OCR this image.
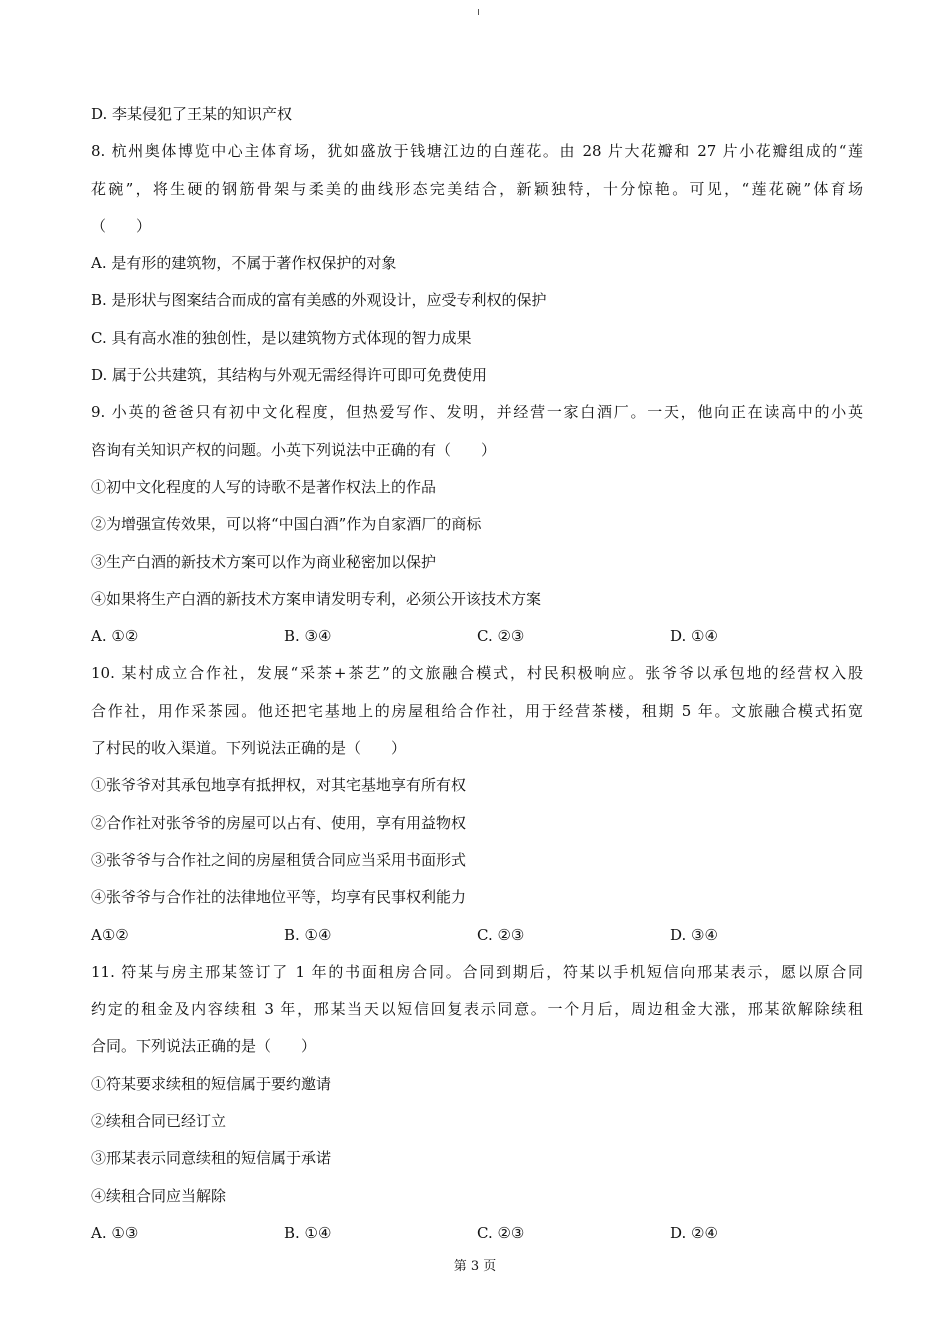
D. 李某侵犯了王某的知识产权
8. 杭州奥体博览中心主体育场，犹如盛放于钱塘江边的白莲花。由 28 片大花瓣和 27 片小花瓣组成的“莲
花碗”，将生硬的钢筋骨架与柔美的曲线形态完美结合，新颖独特，十分惊艳。可见，“莲花碗”体育场
（　　）
A. 是有形的建筑物，不属于著作权保护的对象
B. 是形状与图案结合而成的富有美感的外观设计，应受专利权的保护
C. 具有高水准的独创性，是以建筑物方式体现的智力成果
D. 属于公共建筑，其结构与外观无需经得许可即可免费使用
9. 小英的爸爸只有初中文化程度，但热爱写作、发明，并经营一家白酒厂。一天，他向正在读高中的小英
咨询有关知识产权的问题。小英下列说法中正确的有（　　）
①初中文化程度的人写的诗歌不是著作权法上的作品
②为增强宣传效果，可以将“中国白酒”作为自家酒厂的商标
③生产白酒的新技术方案可以作为商业秘密加以保护
④如果将生产白酒的新技术方案申请发明专利，必须公开该技术方案
A. ①②	B. ③④	C. ②③	D. ①④
10. 某村成立合作社，发展“采茶+茶艺”的文旅融合模式，村民积极响应。张爷爷以承包地的经营权入股
合作社，用作采茶园。他还把宅基地上的房屋租给合作社，用于经营茶楼，租期 5 年。文旅融合模式拓宽
了村民的收入渠道。下列说法正确的是（　　）
①张爷爷对其承包地享有抵押权，对其宅基地享有所有权
②合作社对张爷爷的房屋可以占有、使用，享有用益物权
③张爷爷与合作社之间的房屋租赁合同应当采用书面形式
④张爷爷与合作社的法律地位平等，均享有民事权利能力
A①②	B. ①④	C. ②③	D. ③④
11. 符某与房主邢某签订了 1 年的书面租房合同。合同到期后，符某以手机短信向邢某表示，愿以原合同
约定的租金及内容续租 3 年，邢某当天以短信回复表示同意。一个月后，周边租金大涨，邢某欲解除续租
合同。下列说法正确的是（　　）
①符某要求续租的短信属于要约邀请
②续租合同已经订立
③邢某表示同意续租的短信属于承诺
④续租合同应当解除
A. ①③	B. ①④	C. ②③	D. ②④
第 3 页
